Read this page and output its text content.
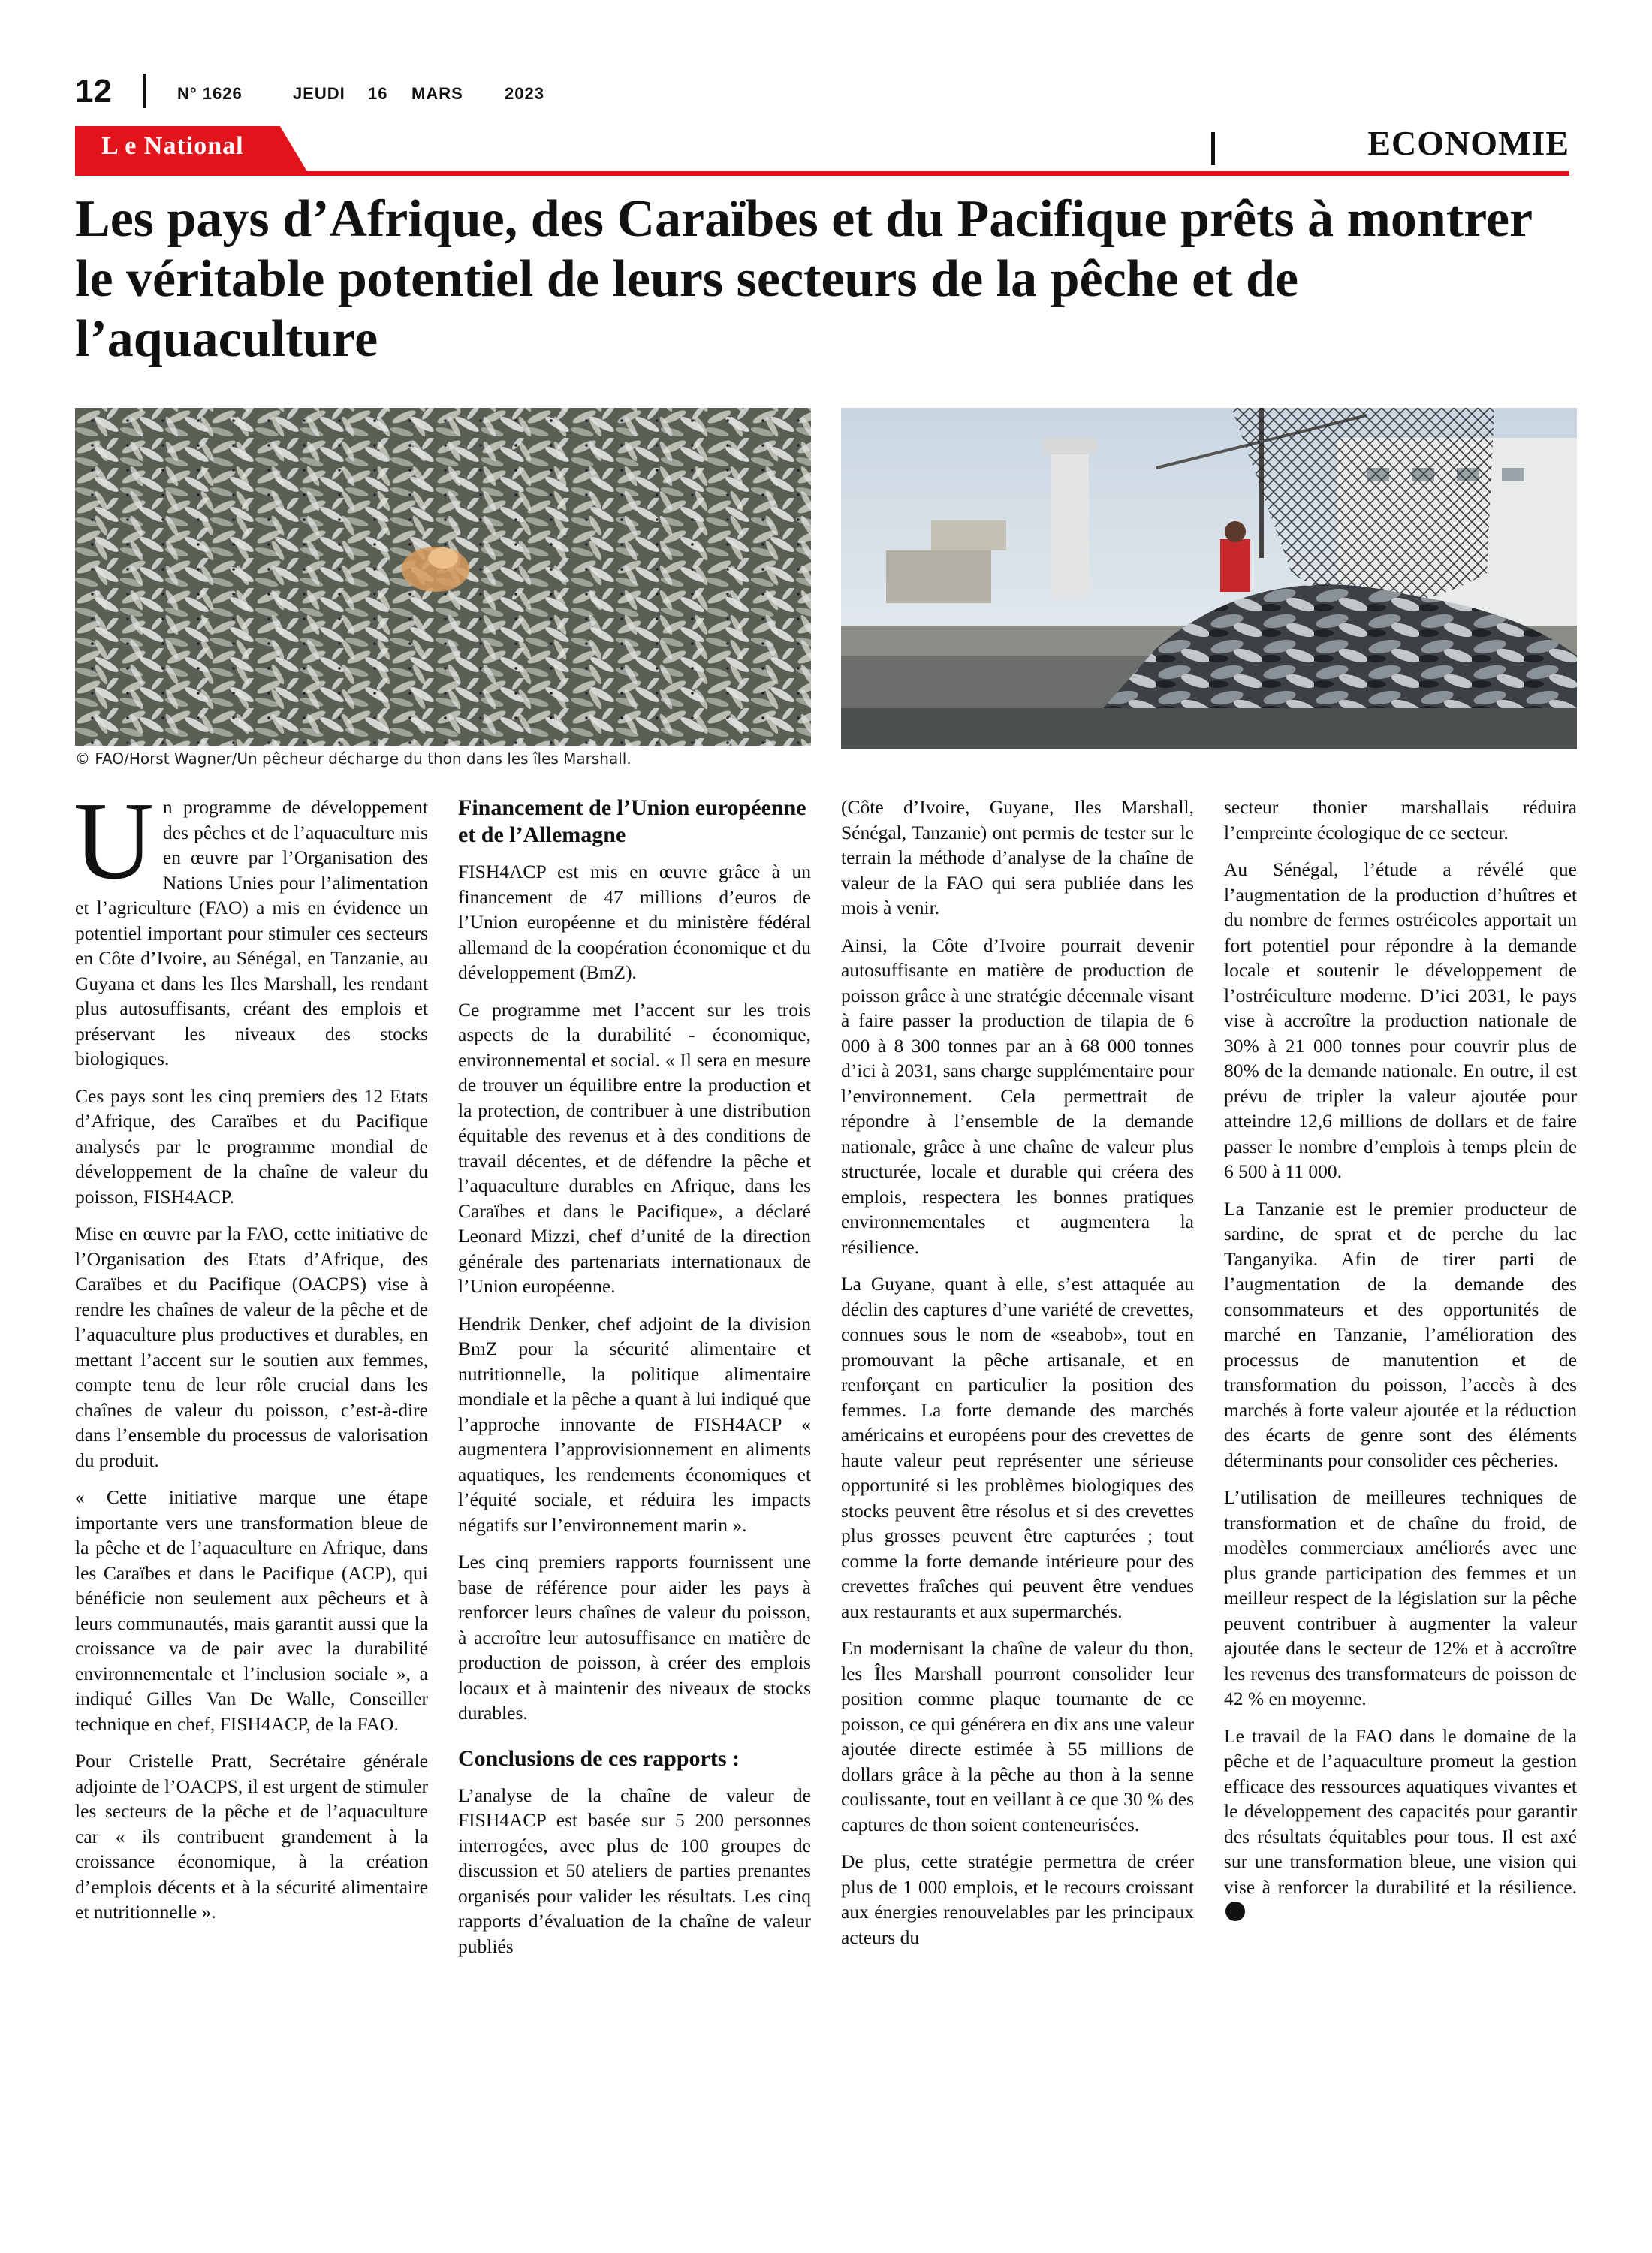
12	N° 1626	JEUDI 16 MARS	2023
L e National	ECONOMIE
Les pays d’Afrique, des Caraïbes et du Pacifique prêts à montrer le véritable potentiel de leurs secteurs de la pêche et de l’aquaculture
© FAO/Horst Wagner/Un pêcheur décharge du thon dans les îles Marshall.

Un programme de développement des pêches et de l’aquaculture mis en œuvre par l’Organisation des Nations Unies pour l’alimentation et l’agriculture (FAO) a mis en évidence un potentiel important pour stimuler ces secteurs en Côte d’Ivoire, au Sénégal, en Tanzanie, au Guyana et dans les Iles Marshall, les rendant plus autosuffisants, créant des emplois et préservant les niveaux des stocks biologiques.

Ces pays sont les cinq premiers des 12 Etats d’Afrique, des Caraïbes et du Pacifique analysés par le programme mondial de développement de la chaîne de valeur du poisson, FISH4ACP.

Mise en œuvre par la FAO, cette initiative de l’Organisation des Etats d’Afrique, des Caraïbes et du Pacifique (OACPS) vise à rendre les chaînes de valeur de la pêche et de l’aquaculture plus productives et durables, en mettant l’accent sur le soutien aux femmes, compte tenu de leur rôle crucial dans les chaînes de valeur du poisson, c’est-à-dire dans l’ensemble du processus de valorisation du produit.

« Cette initiative marque une étape importante vers une transformation bleue de la pêche et de l’aquaculture en Afrique, dans les Caraïbes et dans le Pacifique (ACP), qui bénéficie non seulement aux pêcheurs et à leurs communautés, mais garantit aussi que la croissance va de pair avec la durabilité environnementale et l’inclusion sociale », a indiqué Gilles Van De Walle, Conseiller technique en chef, FISH4ACP, de la FAO.

Pour Cristelle Pratt, Secrétaire générale adjointe de l’OACPS, il est urgent de stimuler les secteurs de la pêche et de l’aquaculture car « ils contribuent grandement à la croissance économique, à la création d’emplois décents et à la sécurité alimentaire et nutritionnelle ».

Financement de l’Union européenne et de l’Allemagne

FISH4ACP est mis en œuvre grâce à un financement de 47 millions d’euros de l’Union européenne et du ministère fédéral allemand de la coopération économique et du développement (BmZ).

Ce programme met l’accent sur les trois aspects de la durabilité - économique, environnemental et social. « Il sera en mesure de trouver un équilibre entre la production et la protection, de contribuer à une distribution équitable des revenus et à des conditions de travail décentes, et de défendre la pêche et l’aquaculture durables en Afrique, dans les Caraïbes et dans le Pacifique», a déclaré Leonard Mizzi, chef d’unité de la direction générale des partenariats internationaux de l’Union européenne.

Hendrik Denker, chef adjoint de la division BmZ pour la sécurité alimentaire et nutritionnelle, la politique alimentaire mondiale et la pêche a quant à lui indiqué que l’approche innovante de FISH4ACP « augmentera l’approvisionnement en aliments aquatiques, les rendements économiques et l’équité sociale, et réduira les impacts négatifs sur l’environnement marin ».

Les cinq premiers rapports fournissent une base de référence pour aider les pays à renforcer leurs chaînes de valeur du poisson, à accroître leur autosuffisance en matière de production de poisson, à créer des emplois locaux et à maintenir des niveaux de stocks durables.

Conclusions de ces rapports :

L’analyse de la chaîne de valeur de FISH4ACP est basée sur 5 200 personnes interrogées, avec plus de 100 groupes de discussion et 50 ateliers de parties prenantes organisés pour valider les résultats. Les cinq rapports d’évaluation de la chaîne de valeur publiés

(Côte d’Ivoire, Guyane, Iles Marshall, Sénégal, Tanzanie) ont permis de tester sur le terrain la méthode d’analyse de la chaîne de valeur de la FAO qui sera publiée dans les mois à venir.

Ainsi, la Côte d’Ivoire pourrait devenir autosuffisante en matière de production de poisson grâce à une stratégie décennale visant à faire passer la production de tilapia de 6 000 à 8 300 tonnes par an à 68 000 tonnes d’ici à 2031, sans charge supplémentaire pour l’environnement. Cela permettrait de répondre à l’ensemble de la demande nationale, grâce à une chaîne de valeur plus structurée, locale et durable qui créera des emplois, respectera les bonnes pratiques environnementales et augmentera la résilience.

La Guyane, quant à elle, s’est attaquée au déclin des captures d’une variété de crevettes, connues sous le nom de «seabob», tout en promouvant la pêche artisanale, et en renforçant en particulier la position des femmes. La forte demande des marchés américains et européens pour des crevettes de haute valeur peut représenter une sérieuse opportunité si les problèmes biologiques des stocks peuvent être résolus et si des crevettes plus grosses peuvent être capturées ; tout comme la forte demande intérieure pour des crevettes fraîches qui peuvent être vendues aux restaurants et aux supermarchés.

En modernisant la chaîne de valeur du thon, les Îles Marshall pourront consolider leur position comme plaque tournante de ce poisson, ce qui générera en dix ans une valeur ajoutée directe estimée à 55 millions de dollars grâce à la pêche au thon à la senne coulissante, tout en veillant à ce que 30 % des captures de thon soient conteneurisées.

De plus, cette stratégie permettra de créer plus de 1 000 emplois, et le recours croissant aux énergies renouvelables par les principaux acteurs du

secteur thonier marshallais réduira l’empreinte écologique de ce secteur.

Au Sénégal, l’étude a révélé que l’augmentation de la production d’huîtres et du nombre de fermes ostréicoles apportait un fort potentiel pour répondre à la demande locale et soutenir le développement de l’ostréiculture moderne. D’ici 2031, le pays vise à accroître la production nationale de 30% à 21 000 tonnes pour couvrir plus de 80% de la demande nationale. En outre, il est prévu de tripler la valeur ajoutée pour atteindre 12,6 millions de dollars et de faire passer le nombre d’emplois à temps plein de 6 500 à 11 000.

La Tanzanie est le premier producteur de sardine, de sprat et de perche du lac Tanganyika. Afin de tirer parti de l’augmentation de la demande des consommateurs et des opportunités de marché en Tanzanie, l’amélioration des processus de manutention et de transformation du poisson, l’accès à des marchés à forte valeur ajoutée et la réduction des écarts de genre sont des éléments déterminants pour consolider ces pêcheries.

L’utilisation de meilleures techniques de transformation et de chaîne du froid, de modèles commerciaux améliorés avec une plus grande participation des femmes et un meilleur respect de la législation sur la pêche peuvent contribuer à augmenter la valeur ajoutée dans le secteur de 12% et à accroître les revenus des transformateurs de poisson de 42 % en moyenne.

Le travail de la FAO dans le domaine de la pêche et de l’aquaculture promeut la gestion efficace des ressources aquatiques vivantes et le développement des capacités pour garantir des résultats équitables pour tous. Il est axé sur une transformation bleue, une vision qui vise à renforcer la durabilité et la résilience.
